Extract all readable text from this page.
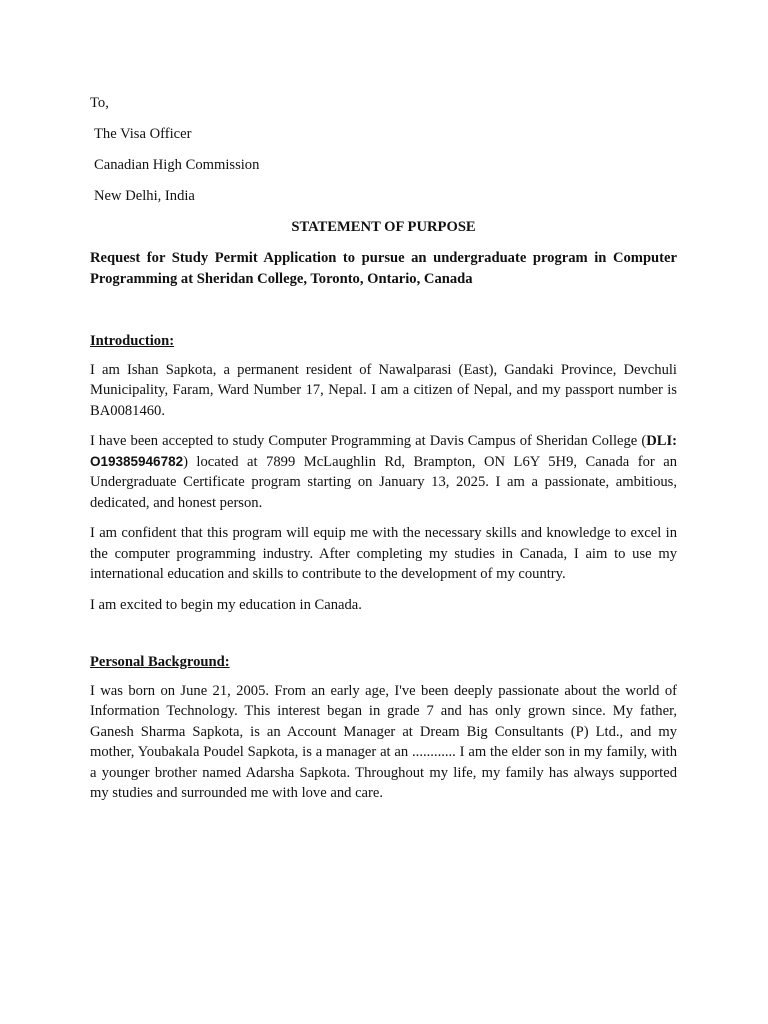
To,
The Visa Officer
Canadian High Commission
New Delhi, India
STATEMENT OF PURPOSE
Request for Study Permit Application to pursue an undergraduate program in Computer Programming at Sheridan College, Toronto, Ontario, Canada
Introduction:

I am Ishan Sapkota, a permanent resident of Nawalparasi (East), Gandaki Province, Devchuli Municipality, Faram, Ward Number 17, Nepal. I am a citizen of Nepal, and my passport number is BA0081460.

I have been accepted to study Computer Programming at Davis Campus of Sheridan College (DLI: O19385946782) located at 7899 McLaughlin Rd, Brampton, ON L6Y 5H9, Canada for an Undergraduate Certificate program starting on January 13, 2025. I am a passionate, ambitious, dedicated, and honest person.

I am confident that this program will equip me with the necessary skills and knowledge to excel in the computer programming industry. After completing my studies in Canada, I aim to use my international education and skills to contribute to the development of my country.

I am excited to begin my education in Canada.

Personal Background:

I was born on June 21, 2005. From an early age, I've been deeply passionate about the world of Information Technology. This interest began in grade 7 and has only grown since. My father, Ganesh Sharma Sapkota, is an Account Manager at Dream Big Consultants (P) Ltd., and my mother, Youbakala Poudel Sapkota, is a manager at an ............ I am the elder son in my family, with a younger brother named Adarsha Sapkota. Throughout my life, my family has always supported my studies and surrounded me with love and care.
